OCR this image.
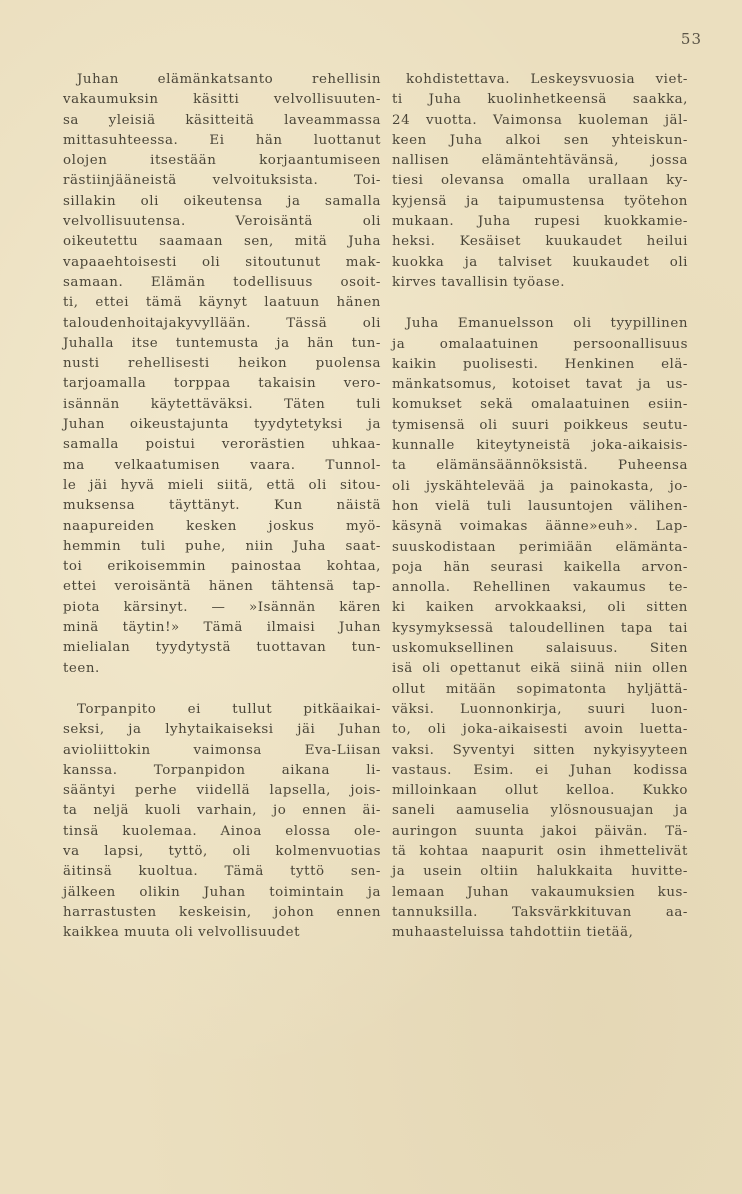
53
Juhan elämänkatsanto rehellisin
vakaumuksin käsitti velvollisuuten-
sa yleisiä käsitteitä laveammassa
mittasuhteessa. Ei hän luottanut
olojen itsestään korjaantumiseen
rästiinjääneistä velvoituksista. Toi-
sillakin oli oikeutensa ja samalla
velvollisuutensa. Veroisäntä oli
oikeutettu saamaan sen, mitä Juha
vapaaehtoisesti oli sitoutunut mak-
samaan. Elämän todellisuus osoit-
ti, ettei tämä käynyt laatuun hänen
taloudenhoitajakyvyllään. Tässä oli
Juhalla itse tuntemusta ja hän tun-
nusti rehellisesti heikon puolensa
tarjoamalla torppaa takaisin vero-
isännän käytettäväksi. Täten tuli
Juhan oikeustajunta tyydytetyksi ja
samalla poistui verorästien uhkaa-
ma velkaatumisen vaara. Tunnol-
le jäi hyvä mieli siitä, että oli sitou-
muksensa täyttänyt. Kun näistä
naapureiden kesken joskus myö-
hemmin tuli puhe, niin Juha saat-
toi erikoisemmin painostaa kohtaa,
ettei veroisäntä hänen tähtensä tap-
piota kärsinyt. — »Isännän kären
minä täytin!» Tämä ilmaisi Juhan
mielialan tyydytystä tuottavan tun-
teen.
Torpanpito ei tullut pitkäaikai-
seksi, ja lyhytaikaiseksi jäi Juhan
avioliittokin vaimonsa Eva-Liisan
kanssa. Torpanpidon aikana li-
sääntyi perhe viidellä lapsella, jois-
ta neljä kuoli varhain, jo ennen äi-
tinsä kuolemaa. Ainoa elossa ole-
va lapsi, tyttö, oli kolmenvuotias
äitinsä kuoltua. Tämä tyttö sen-
jälkeen olikin Juhan toimintain ja
harrastusten keskeisin, johon ennen
kaikkea muuta oli velvollisuudet
kohdistettava. Leskeysvuosia viet-
ti Juha kuolinhetkeensä saakka,
24 vuotta. Vaimonsa kuoleman jäl-
keen Juha alkoi sen yhteiskun-
nallisen elämäntehtävänsä, jossa
tiesi olevansa omalla urallaan ky-
kyjensä ja taipumustensa työtehon
mukaan. Juha rupesi kuokkamie-
heksi. Kesäiset kuukaudet heilui
kuokka ja talviset kuukaudet oli
kirves tavallisin työase.
Juha Emanuelsson oli tyypillinen
ja omalaatuinen persoonallisuus
kaikin puolisesti. Henkinen elä-
mänkatsomus, kotoiset tavat ja us-
komukset sekä omalaatuinen esiin-
tymisensä oli suuri poikkeus seutu-
kunnalle kiteytyneistä joka-aikaisis-
ta elämänsäännöksistä. Puheensa
oli jyskähtelevää ja painokasta, jo-
hon vielä tuli lausuntojen välihen-
käsynä voimakas äänne»euh». Lap-
suuskodistaan perimiään elämänta-
poja hän seurasi kaikella arvon-
annolla. Rehellinen vakaumus te-
ki kaiken arvokkaaksi, oli sitten
kysymyksessä taloudellinen tapa tai
uskomuksellinen salaisuus. Siten
isä oli opettanut eikä siinä niin ollen
ollut mitään sopimatonta hyljättä-
väksi. Luonnonkirja, suuri luon-
to, oli joka-aikaisesti avoin luetta-
vaksi. Syventyi sitten nykyisyyteen
vastaus. Esim. ei Juhan kodissa
milloinkaan ollut kelloa. Kukko
saneli aamuselia ylösnousuajan ja
auringon suunta jakoi päivän. Tä-
tä kohtaa naapurit osin ihmettelivät
ja usein oltiin halukkaita huvitte-
lemaan Juhan vakaumuksien kus-
tannuksilla. Taksvärkkituvan aa-
muhaasteluissa tahdottiin tietää,
